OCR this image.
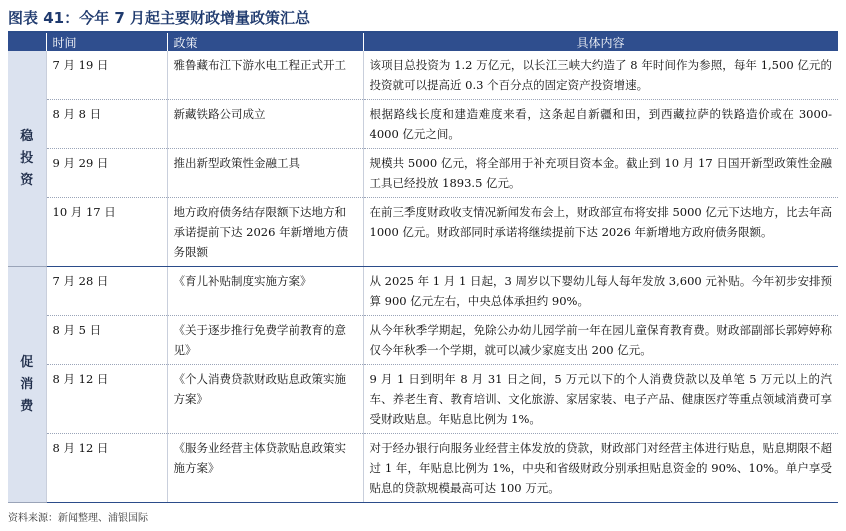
图表 41：今年 7 月起主要财政增量政策汇总
	时间	政策	具体内容
稳投资	7 月 19 日	雅鲁藏布江下游水电工程正式开工	该项目总投资为 1.2 万亿元，以长江三峡大约造了 8 年时间作为参照，每年 1,500 亿元的投资就可以提高近 0.3 个百分点的固定资产投资增速。
	8 月 8 日	新藏铁路公司成立	根据路线长度和建造难度来看，这条起自新疆和田，到西藏拉萨的铁路造价或在 3000-4000 亿元之间。
	9 月 29 日	推出新型政策性金融工具	规模共 5000 亿元，将全部用于补充项目资本金。截止到 10 月 17 日国开新型政策性金融工具已经投放 1893.5 亿元。
	10 月 17 日	地方政府债务结存限额下达地方和承诺提前下达 2026 年新增地方债务限额	在前三季度财政收支情况新闻发布会上，财政部宣布将安排 5000 亿元下达地方，比去年高 1000 亿元。财政部同时承诺将继续提前下达 2026 年新增地方政府债务限额。
促消费	7 月 28 日	《育儿补贴制度实施方案》	从 2025 年 1 月 1 日起，3 周岁以下婴幼儿每人每年发放 3,600 元补贴。今年初步安排预算 900 亿元左右，中央总体承担约 90%。
	8 月 5 日	《关于逐步推行免费学前教育的意见》	从今年秋季学期起，免除公办幼儿园学前一年在园儿童保育教育费。财政部副部长郭婷婷称仅今年秋季一个学期，就可以减少家庭支出 200 亿元。
	8 月 12 日	《个人消费贷款财政贴息政策实施方案》	9 月 1 日到明年 8 月 31 日之间，5 万元以下的个人消费贷款以及单笔 5 万元以上的汽车、养老生育、教育培训、文化旅游、家居家装、电子产品、健康医疗等重点领域消费可享受财政贴息。年贴息比例为 1%。
	8 月 12 日	《服务业经营主体贷款贴息政策实施方案》	对于经办银行向服务业经营主体发放的贷款，财政部门对经营主体进行贴息，贴息期限不超过 1 年，年贴息比例为 1%，中央和省级财政分别承担贴息资金的 90%、10%。单户享受贴息的贷款规模最高可达 100 万元。
资料来源：新闻整理、浦银国际
